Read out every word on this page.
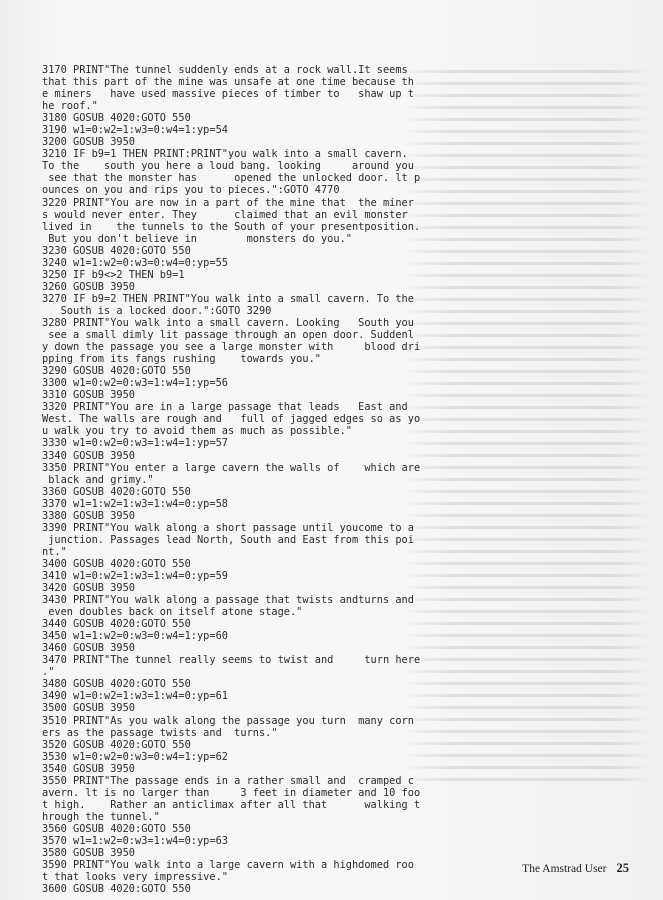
3170 PRINT"The tunnel suddenly ends at a rock wall.It seems
that this part of the mine was unsafe at one time because th
e miners   have used massive pieces of timber to   shaw up t
he roof."
3180 GOSUB 4020:GOTO 550
3190 w1=0:w2=1:w3=0:w4=1:yp=54
3200 GOSUB 3950
3210 IF b9=1 THEN PRINT:PRINT"you walk into a small cavern.
To the    south you here a loud bang. looking     around you
see that the monster has      opened the unlocked door. lt p
ounces on you and rips you to pieces.":GOTO 4770
3220 PRINT"You are now in a part of the mine that  the miner
s would never enter. They      claimed that an evil monster
lived in    the tunnels to the South of your presentposition.
But you don't believe in        monsters do you."
3230 GOSUB 4020:GOTO 550
3240 w1=1:w2=0:w3=0:w4=0:yp=55
3250 IF b9<>2 THEN b9=1
3260 GOSUB 3950
3270 IF b9=2 THEN PRINT"You walk into a small cavern. To the
South is a locked door.":GOTO 3290
3280 PRINT"You walk into a small cavern. Looking   South you
see a small dimly lit passage through an open door. Suddenl
y down the passage you see a large monster with     blood dri
pping from its fangs rushing    towards you."
3290 GOSUB 4020:GOTO 550
3300 w1=0:w2=0:w3=1:w4=1:yp=56
3310 GOSUB 3950
3320 PRINT"You are in a large passage that leads   East and
West. The walls are rough and   full of jagged edges so as yo
u walk you try to avoid them as much as possible."
3330 w1=0:w2=0:w3=1:w4=1:yp=57
3340 GOSUB 3950
3350 PRINT"You enter a large cavern the walls of    which are
black and grimy."
3360 GOSUB 4020:GOTO 550
3370 w1=1:w2=1:w3=1:w4=0:yp=58
3380 GOSUB 3950
3390 PRINT"You walk along a short passage until youcome to a
junction. Passages lead North, South and East from this poi
nt."
3400 GOSUB 4020:GOTO 550
3410 w1=0:w2=1:w3=1:w4=0:yp=59
3420 GOSUB 3950
3430 PRINT"You walk along a passage that twists andturns and
even doubles back on itself atone stage."
3440 GOSUB 4020:GOTO 550
3450 w1=1:w2=0:w3=0:w4=1:yp=60
3460 GOSUB 3950
3470 PRINT"The tunnel really seems to twist and     turn here
."
3480 GOSUB 4020:GOTO 550
3490 w1=0:w2=1:w3=1:w4=0:yp=61
3500 GOSUB 3950
3510 PRINT"As you walk along the passage you turn  many corn
ers as the passage twists and  turns."
3520 GOSUB 4020:GOTO 550
3530 w1=0:w2=0:w3=0:w4=1:yp=62
3540 GOSUB 3950
3550 PRINT"The passage ends in a rather small and  cramped c
avern. lt is no larger than     3 feet in diameter and 10 foo
t high.    Rather an anticlimax after all that      walking t
hrough the tunnel."
3560 GOSUB 4020:GOTO 550
3570 w1=1:w2=0:w3=1:w4=0:yp=63
3580 GOSUB 3950
3590 PRINT"You walk into a large cavern with a highdomed roo
t that looks very impressive."
3600 GOSUB 4020:GOTO 550
The Amstrad User 25
